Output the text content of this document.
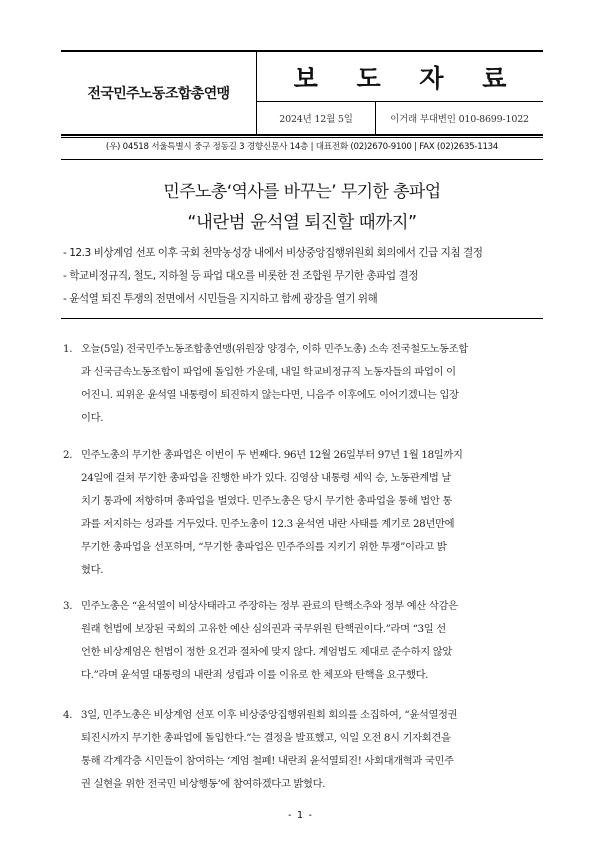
전국민주노동조합총연맹
보 도 자 료
2024년 12월 5일	이거래 부대변인 010-8699-1022
(우) 04518 서울특별시 중구 정동길 3 경향신문사 14층 | 대표전화 (02)2670-9100 | FAX (02)2635-1134
민주노총‘역사를 바꾸는’ 무기한 총파업
“내란범 윤석열 퇴진할 때까지”
- 12.3 비상계엄 선포 이후 국회 천막농성장 내에서 비상중앙집행위원회 회의에서 긴급 지침 결정
- 학교비정규직, 철도, 지하철 등 파업 대오를 비롯한 전 조합원 무기한 총파업 결정
- 윤석열 퇴진 투쟁의 전면에서 시민들을 지지하고 함께 광장을 열기 위해
1. 오늘(5일) 전국민주노동조합총연맹(위원장 양경수, 이하 민주노총) 소속 전국철도노동조합
과 신국금속노동조합이 파업에 돌입한 가운데, 내일 학교비정규직 노동자들의 파업이 이
어진니. 피위운 윤석열 내통령이 퇴진하지 않는다면, 니음주 이후에도 이어기겠니는 입장
이다.
2. 민주노총의 무기한 총파업은 이번이 두 번째다. 96년 12월 26일부터 97년 1월 18일까지
24일에 걸쳐 무기한 총파업을 진행한 바가 있다. 김영삼 내통령 세익 승, 노동관계법 날
치기 통과에 저항하며 총파업을 벌였다. 민주노총은 당시 무기한 총파업을 통해 법안 통
과를 저지하는 성과를 거두었다. 민주노총이 12.3 윤석연 내란 사태를 계기로 28년만에
무기한 총파업을 선포하며, “무기한 총파업은 민주주의를 지키기 위한 투쟁”이라고 밝
혔다.
3. 민주노총은 “윤석열이 비상사태라고 주장하는 정부 관료의 탄핵소추와 정부 예산 삭감은
원래 헌법에 보장된 국회의 고유한 예산 심의권과 국무위원 탄핵권이다.”라며 “3일 선
언한 비상계엄은 헌법이 정한 요건과 절차에 맞지 않다. 계엄법도 제대로 준수하지 않았
다.”라며 윤석열 대통령의 내란죄 성립과 이를 이유로 한 체포와 탄핵을 요구했다.
4. 3일, 민주노총은 비상계엄 선포 이후 비상중앙집행위원회 회의를 소집하여, “윤석열정권
퇴진시까지 무기한 총파업에 돌입한다.”는 결정을 발표했고, 익일 오전 8시 기자회견을
통해 각계각층 시민들이 참여하는 ‘계엄 철폐! 내란죄 윤석열퇴진! 사회대개혁과 국민주
권 실현을 위한 전국민 비상행동’에 참여하겠다고 밝혔다.
- 1 -
